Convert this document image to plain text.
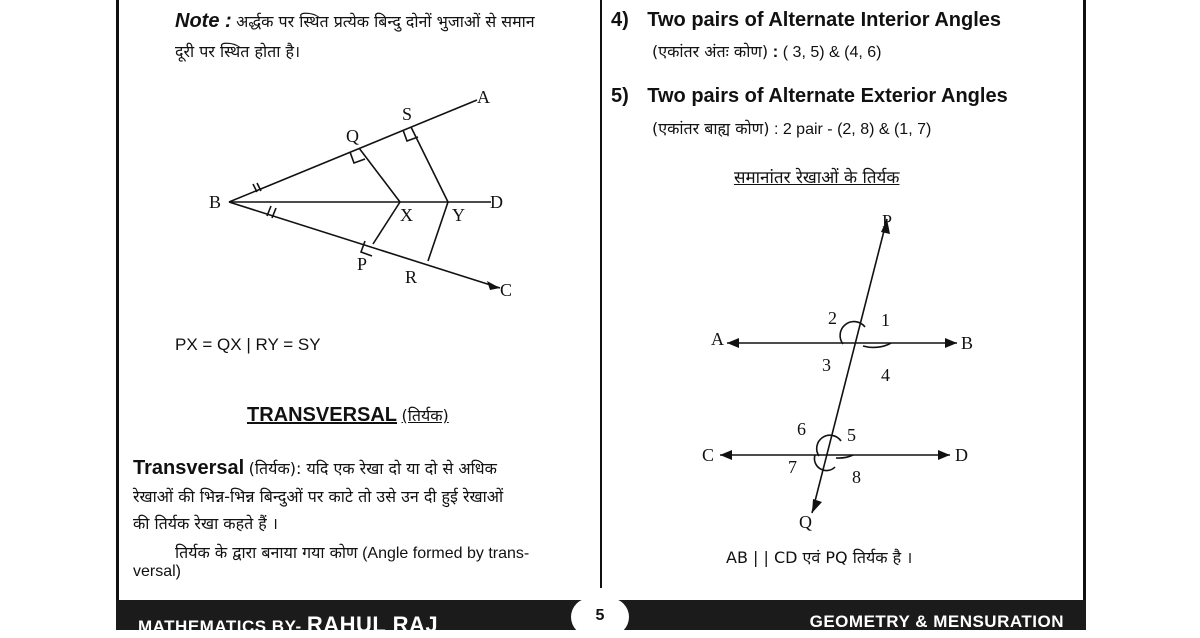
Note : अर्द्धक पर स्थित प्रत्येक बिन्दु दोनों भुजाओं से समान
दूरी पर स्थित होता है।
A
B
C
D
P
Q
R
S
X Y
PX = QX | RY = SY
TRANSVERSAL (तिर्यक)
Transversal (तिर्यक): यदि एक रेखा दो या दो से अधिक
रेखाओं की भिन्न-भिन्न बिन्दुओं पर काटे तो उसे उन दी हुई रेखाओं
की तिर्यक रेखा कहते हैं ।
तिर्यक के द्वारा बनाया गया कोण (Angle formed by trans-
versal)
4) Two pairs of Alternate Interior Angles
(एकांतर अंतः कोण) : ( 3, 5) & (4, 6)
5) Two pairs of Alternate Exterior Angles
(एकांतर बाह्य कोण) : 2 pair - (2, 8) & (1, 7)
समानांतर रेखाओं के तिर्यक
P
Q
A	B
C	D
1
2
3	4
5
6
7	8
AB | | CD एवं PQ तिर्यक है ।
MATHEMATICS BY- RAHUL RAJ	5	GEOMETRY & MENSURATION
